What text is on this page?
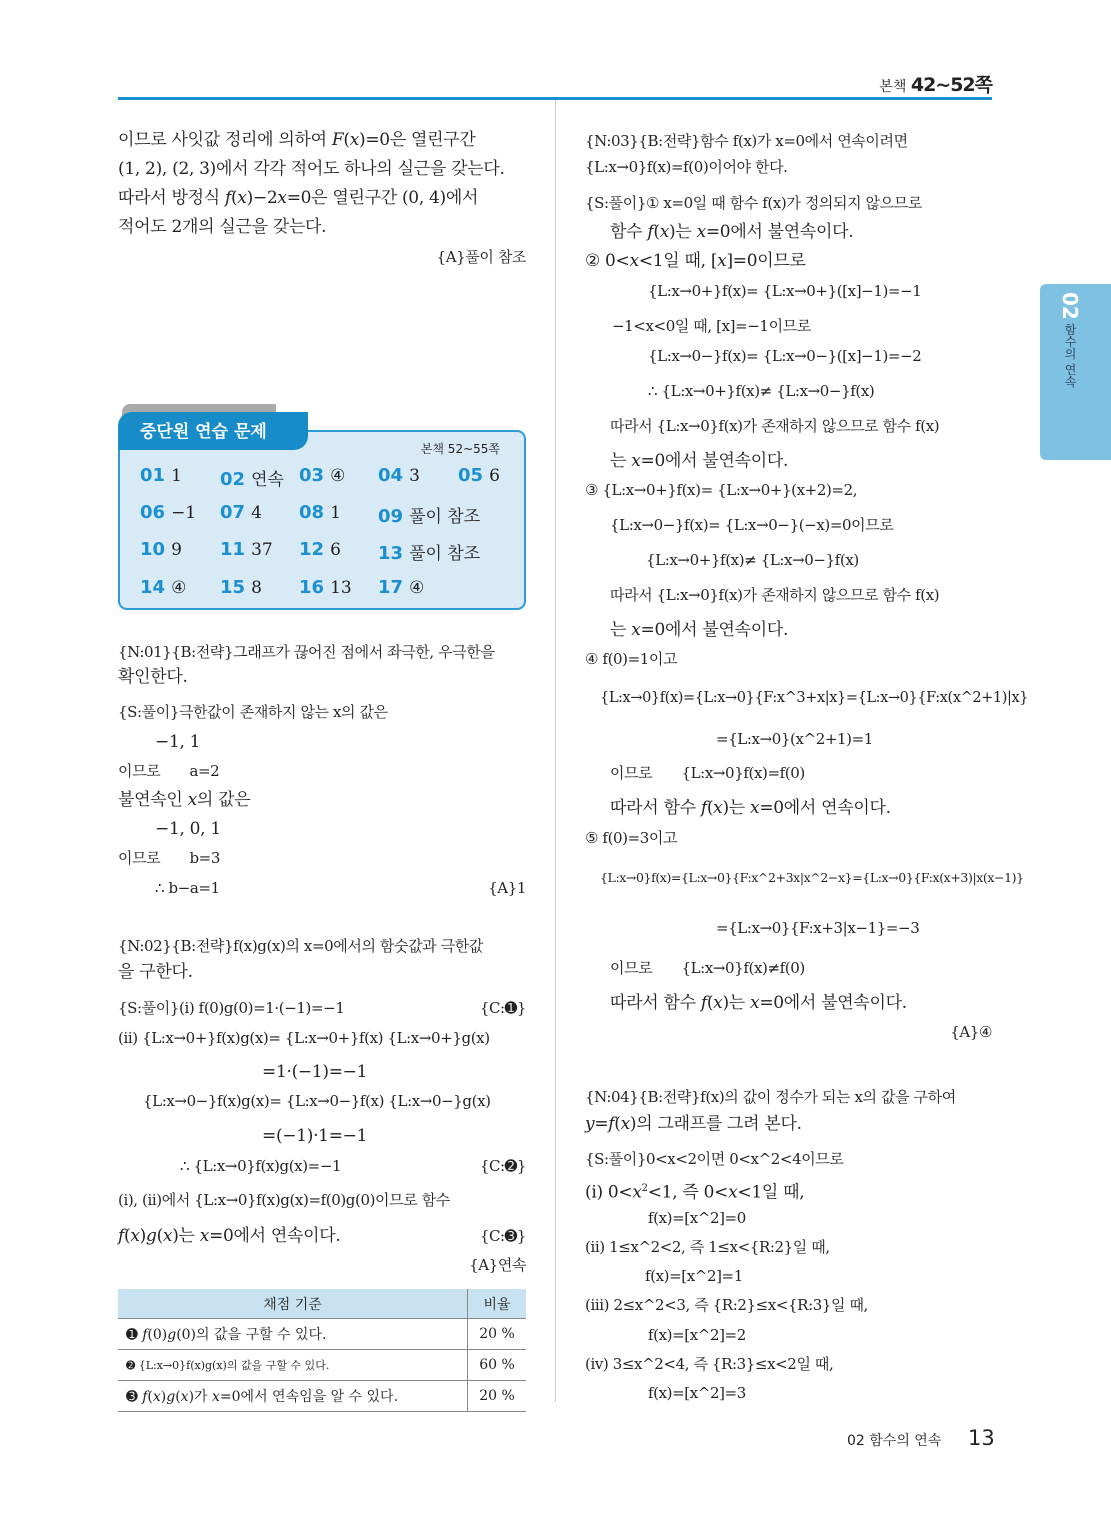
본책 42~52쪽
02 함수의 연속
이므로 사잇값 정리에 의하여 F(x)=0은 열린구간
(1, 2), (2, 3)에서 각각 적어도 하나의 실근을 갖는다.
따라서 방정식 f(x)−2x=0은 열린구간 (0, 4)에서
적어도 2개의 실근을 갖는다.
{A}풀이 참조
본책 52~55쪽
01 1 02 연속 03 ④ 04 3 05 6
06 −1 07 4 08 1 09 풀이 참조
10 9 11 37 12 6 13 풀이 참조
14 ④ 15 8 16 13 17 ④
중단원 연습 문제
{N:01}{B:전략}그래프가 끊어진 점에서 좌극한, 우극한을
확인한다.
{S:풀이}극한값이 존재하지 않는 x의 값은
−1, 1
이므로　　a=2
불연속인 x의 값은
−1, 0, 1
이므로　　b=3
∴ b−a=1	{A}1
{N:02}{B:전략}f(x)g(x)의 x=0에서의 함숫값과 극한값
을 구한다.
{S:풀이}(i) f(0)g(0)=1·(−1)=−1	{C:➊}
(ii) {L:x→0+}f(x)g(x)= {L:x→0+}f(x) {L:x→0+}g(x)
=1·(−1)=−1
{L:x→0−}f(x)g(x)= {L:x→0−}f(x) {L:x→0−}g(x)
=(−1)·1=−1
∴ {L:x→0}f(x)g(x)=−1	{C:➋}
(i), (ii)에서 {L:x→0}f(x)g(x)=f(0)g(0)이므로 함수
f(x)g(x)는 x=0에서 연속이다.	{C:➌}
{A}연속
채점 기준	비율
➊ f(0)g(0)의 값을 구할 수 있다.	20 %
➋ {L:x→0}f(x)g(x)의 값을 구할 수 있다.	60 %
➌ f(x)g(x)가 x=0에서 연속임을 알 수 있다.	20 %
{N:03}{B:전략}함수 f(x)가 x=0에서 연속이려면
{L:x→0}f(x)=f(0)이어야 한다.
{S:풀이}① x=0일 때 함수 f(x)가 정의되지 않으므로
함수 f(x)는 x=0에서 불연속이다.
② 0<x<1일 때, [x]=0이므로
{L:x→0+}f(x)= {L:x→0+}([x]−1)=−1
−1<x<0일 때, [x]=−1이므로
{L:x→0−}f(x)= {L:x→0−}([x]−1)=−2
∴ {L:x→0+}f(x)≠ {L:x→0−}f(x)
따라서 {L:x→0}f(x)가 존재하지 않으므로 함수 f(x)
는 x=0에서 불연속이다.
③ {L:x→0+}f(x)= {L:x→0+}(x+2)=2,
{L:x→0−}f(x)= {L:x→0−}(−x)=0이므로
{L:x→0+}f(x)≠ {L:x→0−}f(x)
따라서 {L:x→0}f(x)가 존재하지 않으므로 함수 f(x)
는 x=0에서 불연속이다.
④ f(0)=1이고
{L:x→0}f(x)={L:x→0}{F:x^3+x|x}={L:x→0}{F:x(x^2+1)|x}
={L:x→0}(x^2+1)=1
이므로　　{L:x→0}f(x)=f(0)
따라서 함수 f(x)는 x=0에서 연속이다.
⑤ f(0)=3이고
{L:x→0}f(x)={L:x→0}{F:x^2+3x|x^2−x}={L:x→0}{F:x(x+3)|x(x−1)}
={L:x→0}{F:x+3|x−1}=−3
이므로　　{L:x→0}f(x)≠f(0)
따라서 함수 f(x)는 x=0에서 불연속이다.
{A}④
{N:04}{B:전략}f(x)의 값이 정수가 되는 x의 값을 구하여
y=f(x)의 그래프를 그려 본다.
{S:풀이}0<x<2이면 0<x^2<4이므로
(i) $0<x^2<1$, 즉 0<x<1일 때,
f(x)=[x^2]=0
(ii) 1≤x^2<2, 즉 1≤x<{R:2}일 때,
f(x)=[x^2]=1
(iii) 2≤x^2<3, 즉 {R:2}≤x<{R:3}일 때,
f(x)=[x^2]=2
(iv) 3≤x^2<4, 즉 {R:3}≤x<2일 때,
f(x)=[x^2]=3
02 함수의 연속 13
